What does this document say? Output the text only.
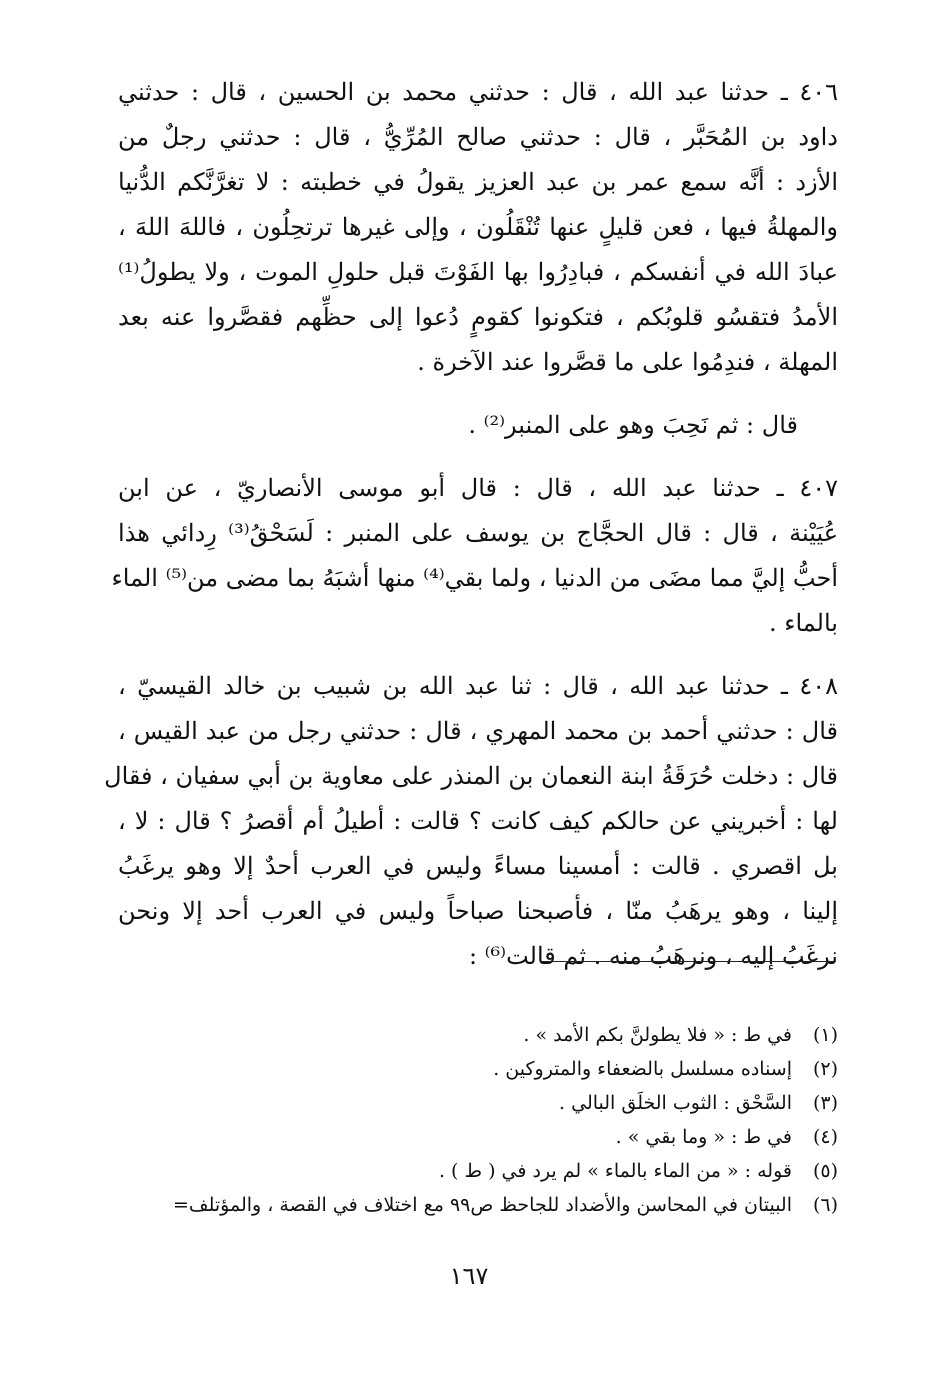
٤٠٦ ـ حدثنا عبد الله ، قال : حدثني محمد بن الحسين ، قال : حدثني
داود بن المُحَبَّر ، قال : حدثني صالح المُرِّيُّ ، قال : حدثني رجلٌ من
الأزد : أنَّه سمع عمر بن عبد العزيز يقولُ في خطبته : لا تغرَّنَّكم الدُّنيا
والمهلةُ فيها ، فعن قليلٍ عنها تُنْقَلُون ، وإلى غيرها ترتحِلُون ، فاللهَ اللهَ ،
عبادَ الله في أنفسكم ، فبادِرُوا بها الفَوْتَ قبل حلولِ الموت ، ولا يطولُ⁽¹⁾
الأمدُ فتقسُو قلوبُكم ، فتكونوا كقومٍ دُعوا إلى حظِّهم فقصَّروا عنه بعد
المهلة ، فندِمُوا على ما قصَّروا عند الآخرة .

قال : ثم نَحِبَ وهو على المنبر⁽²⁾ .

٤٠٧ ـ حدثنا عبد الله ، قال : قال أبو موسى الأنصاريّ ، عن ابن
عُيَيْنة ، قال : قال الحجَّاج بن يوسف على المنبر : لَسَحْقُ⁽³⁾ رِدائي هذا
أحبُّ إليَّ مما مضَى من الدنيا ، ولما بقي⁽⁴⁾ منها أشبَهُ بما مضى من⁽⁵⁾ الماء
بالماء .

٤٠٨ ـ حدثنا عبد الله ، قال : ثنا عبد الله بن شبيب بن خالد القيسيّ ،
قال : حدثني أحمد بن محمد المهري ، قال : حدثني رجل من عبد القيس ،
قال : دخلت حُرَقَةُ ابنة النعمان بن المنذر على معاوية بن أبي سفيان ، فقال
لها : أخبريني عن حالكم كيف كانت ؟ قالت : أطيلُ أم أقصرُ ؟ قال : لا ،
بل اقصري . قالت : أمسينا مساءً وليس في العرب أحدٌ إلا وهو يرغَبُ
إلينا ، وهو يرهَبُ منّا ، فأصبحنا صباحاً وليس في العرب أحد إلا ونحن
نرغَبُ إليه ، ونرهَبُ منه . ثم قالت⁽⁶⁾ :

(١)في ط : « فلا يطولنَّ بكم الأمد » .
(٢)إسناده مسلسل بالضعفاء والمتروكين .
(٣)السَّحْق : الثوب الخلَق البالي .
(٤)في ط : « وما بقي » .
(٥)قوله : « من الماء بالماء » لم يرد في ( ط ) .
(٦)البيتان في المحاسن والأضداد للجاحظ ص٩٩ مع اختلاف في القصة ، والمؤتلف=
١٦٧
